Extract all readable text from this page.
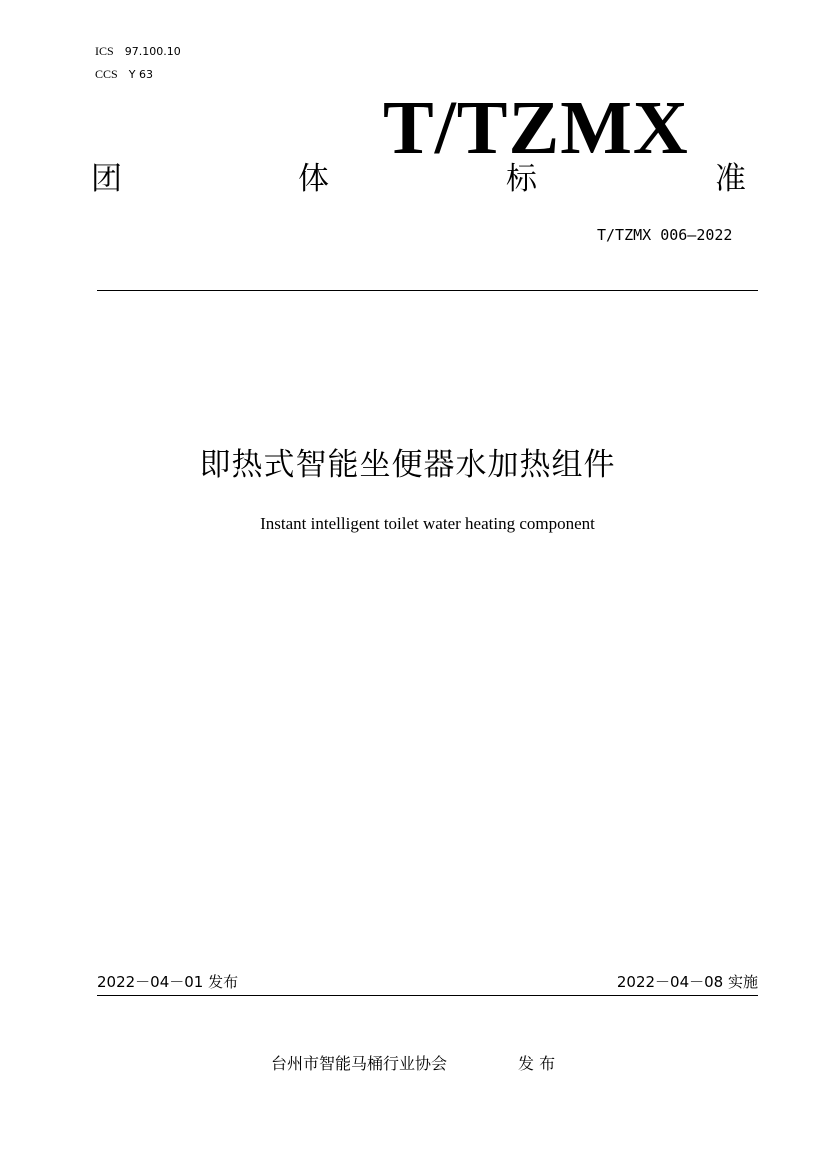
ICS 97.100.10
CCS Y 63
T/TZMX
团	体	标	准
T/TZMX 006—2022
即热式智能坐便器水加热组件
Instant intelligent toilet water heating component
2022－04－01 发布	2022－04－08 实施
台州市智能马桶行业协会	发 布
